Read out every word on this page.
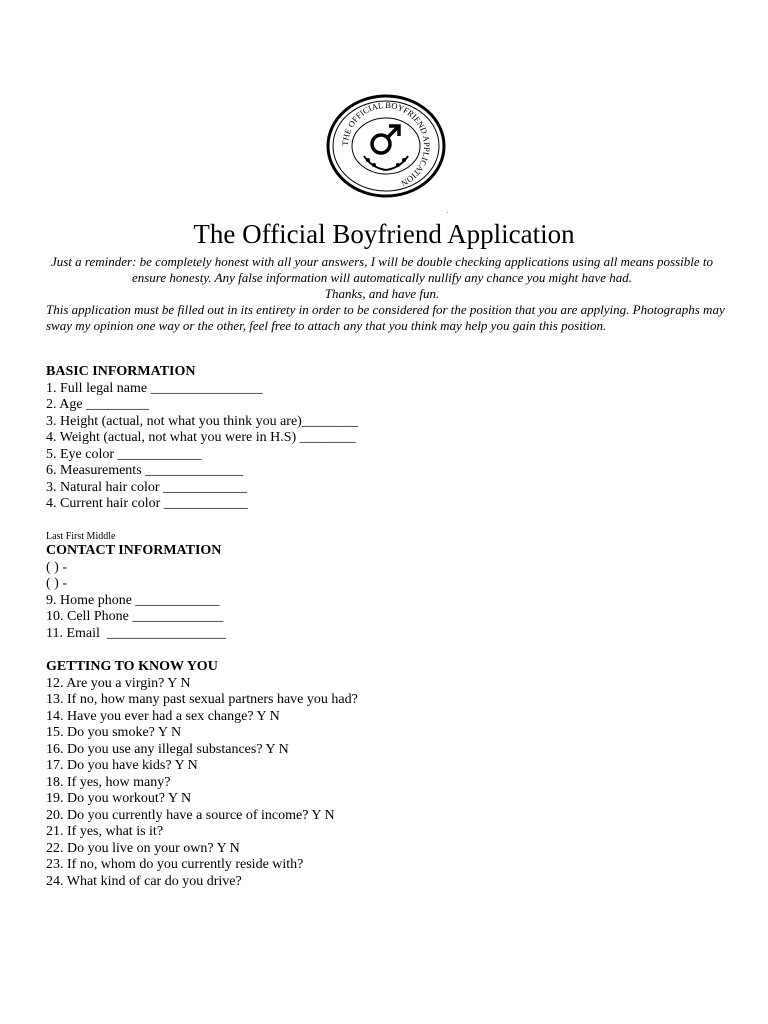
THE OFFICIAL BOYFRIEND APPLICATION
.
The Official Boyfriend Application
Just a reminder: be completely honest with all your answers, I will be double checking applications using all means possible to ensure honesty. Any false information will automatically nullify any chance you might have had.
Thanks, and have fun.
This application must be filled out in its entirety in order to be considered for the position that you are applying. Photographs may sway my opinion one way or the other, feel free to attach any that you think may help you gain this position.
BASIC INFORMATION
1. Full legal name ________________
2. Age _________
3. Height (actual, not what you think you are)________
4. Weight (actual, not what you were in H.S) ________
5. Eye color ____________
6. Measurements ______________
3. Natural hair color ____________
4. Current hair color ____________
Last First Middle
CONTACT INFORMATION
( ) -
( ) -
9. Home phone ____________
10. Cell Phone _____________
11. Email  _________________
GETTING TO KNOW YOU
12. Are you a virgin? Y N
13. If no, how many past sexual partners have you had?
14. Have you ever had a sex change? Y N
15. Do you smoke? Y N
16. Do you use any illegal substances? Y N
17. Do you have kids? Y N
18. If yes, how many?
19. Do you workout? Y N
20. Do you currently have a source of income? Y N
21. If yes, what is it?
22. Do you live on your own? Y N
23. If no, whom do you currently reside with?
24. What kind of car do you drive?
